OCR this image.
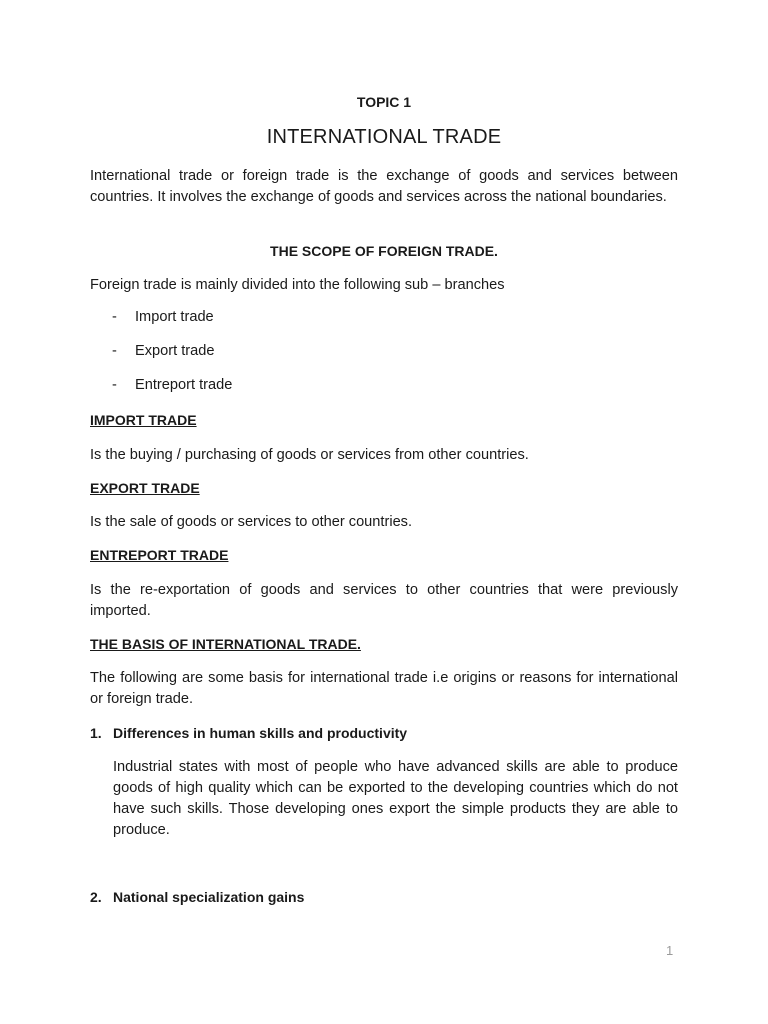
TOPIC 1
INTERNATIONAL TRADE

International trade or foreign trade is the exchange of goods and services between countries. It involves the exchange of goods and services across the national boundaries.

THE SCOPE OF FOREIGN TRADE.

Foreign trade is mainly divided into the following sub – branches

- Import trade
- Export trade
- Entreport trade
IMPORT TRADE

Is the buying / purchasing of goods or services from other countries.

EXPORT TRADE

Is the sale of goods or services to other countries.

ENTREPORT TRADE

Is the re-exportation of goods and services to other countries that were previously imported.

THE BASIS OF INTERNATIONAL TRADE.

The following are some basis for international trade i.e origins or reasons for international or foreign trade.

1. Differences in human skills and productivity

Industrial states with most of people who have advanced skills are able to produce goods of high quality which can be exported to the developing countries which do not have such skills. Those developing ones export the simple products they are able to produce.

2. National specialization gains
1
